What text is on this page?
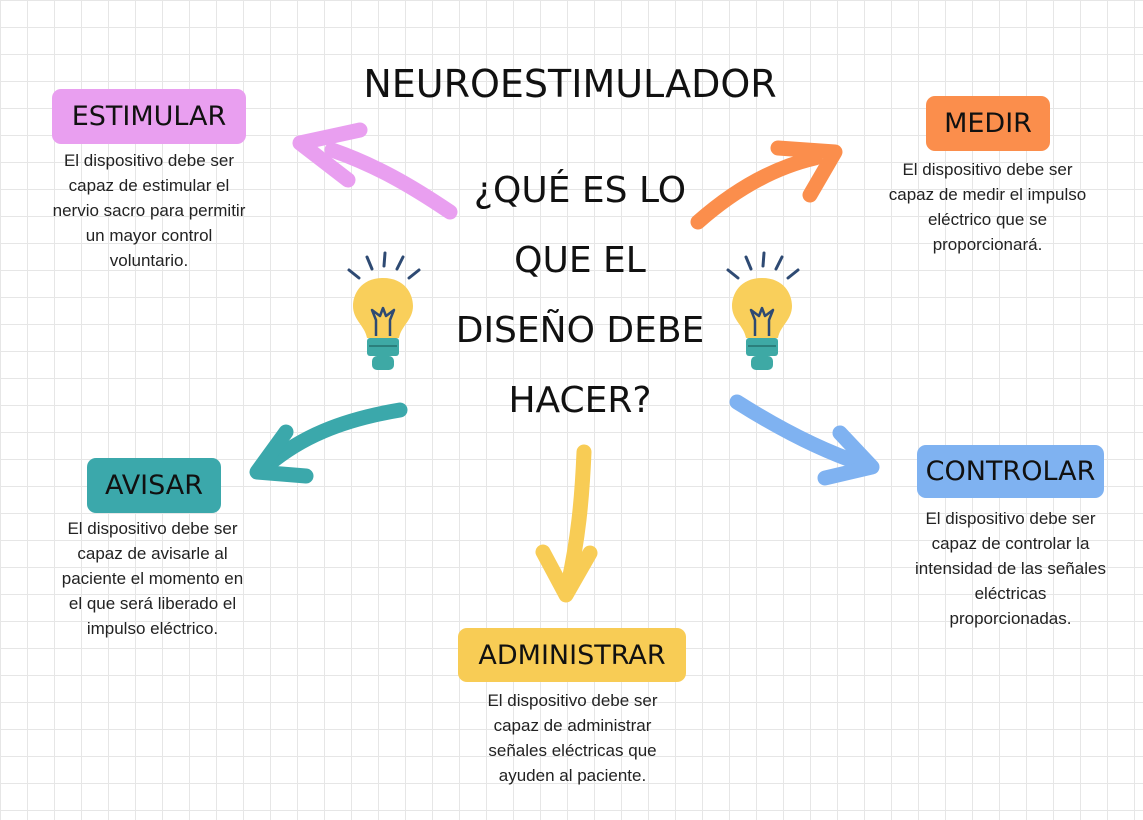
NEUROESTIMULADOR
¿QUÉ ES LO
QUE EL
DISEÑO DEBE
HACER?
ESTIMULAR
El dispositivo debe ser
capaz de estimular el
nervio sacro para permitir
un mayor control
voluntario.
MEDIR
El dispositivo debe ser
capaz de medir el impulso
eléctrico que se
proporcionará.
AVISAR
El dispositivo debe ser
capaz de avisarle al
paciente el momento en
el que será liberado el
impulso eléctrico.
CONTROLAR
El dispositivo debe ser
capaz de controlar la
intensidad de las señales
eléctricas
proporcionadas.
ADMINISTRAR
El dispositivo debe ser
capaz de administrar
señales eléctricas que
ayuden al paciente.
